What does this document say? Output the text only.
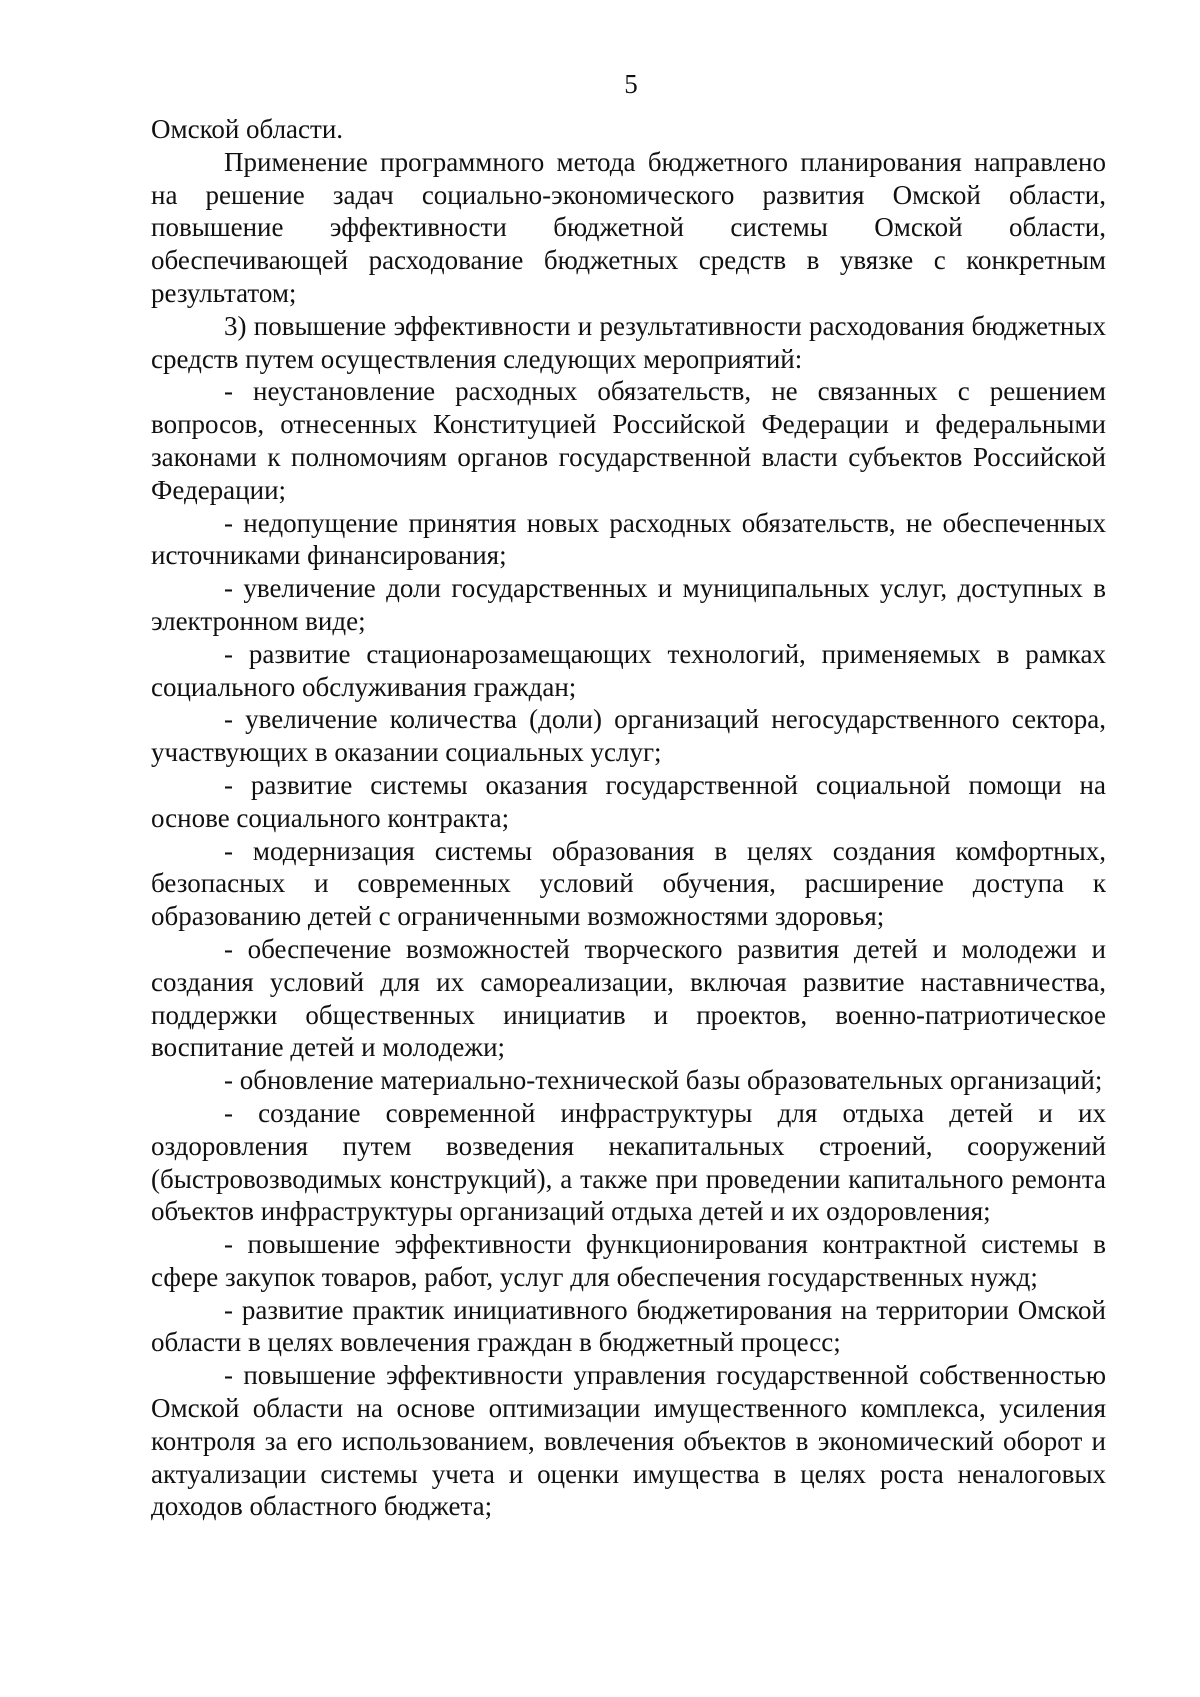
5

Омской области.

Применение программного метода бюджетного планирования направлено на решение задач социально-экономического развития Омской области, повышение эффективности бюджетной системы Омской области, обеспечивающей расходование бюджетных средств в увязке с конкретным результатом;

3) повышение эффективности и результативности расходования бюджетных средств путем осуществления следующих мероприятий:

- неустановление расходных обязательств, не связанных с решением вопросов, отнесенных Конституцией Российской Федерации и федеральными законами к полномочиям органов государственной власти субъектов Российской Федерации;

- недопущение принятия новых расходных обязательств, не обеспеченных источниками финансирования;

- увеличение доли государственных и муниципальных услуг, доступных в электронном виде;

- развитие стационарозамещающих технологий, применяемых в рамках социального обслуживания граждан;

- увеличение количества (доли) организаций негосударственного сектора, участвующих в оказании социальных услуг;

- развитие системы оказания государственной социальной помощи на основе социального контракта;

- модернизация системы образования в целях создания комфортных, безопасных и современных условий обучения, расширение доступа к образованию детей с ограниченными возможностями здоровья;

- обеспечение возможностей творческого развития детей и молодежи и создания условий для их самореализации, включая развитие наставничества, поддержки общественных инициатив и проектов, военно-патриотическое воспитание детей и молодежи;

- обновление материально-технической базы образовательных организаций;

- создание современной инфраструктуры для отдыха детей и их оздоровления путем возведения некапитальных строений, сооружений (быстровозводимых конструкций), а также при проведении капитального ремонта объектов инфраструктуры организаций отдыха детей и их оздоровления;

- повышение эффективности функционирования контрактной системы в сфере закупок товаров, работ, услуг для обеспечения государственных нужд;

- развитие практик инициативного бюджетирования на территории Омской области в целях вовлечения граждан в бюджетный процесс;

- повышение эффективности управления государственной собственностью Омской области на основе оптимизации имущественного комплекса, усиления контроля за его использованием, вовлечения объектов в экономический оборот и актуализации системы учета и оценки имущества в целях роста неналоговых доходов областного бюджета;
